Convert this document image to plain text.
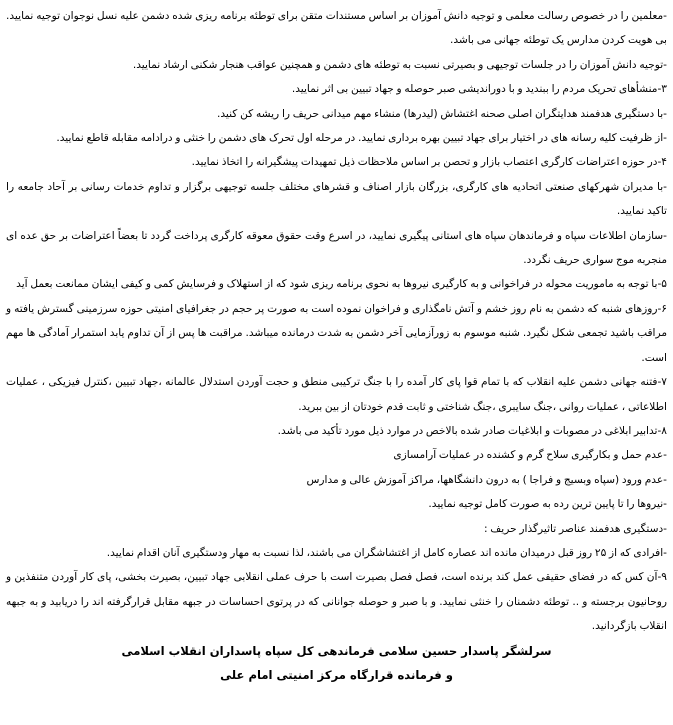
-معلمین را در خصوص رسالت معلمی و توجیه دانش آموزان بر اساس مستندات متقن برای توطئه برنامه ریزی شده دشمن علیه نسل نوجوان توجیه نمایید. بی هویت کردن مدارس یک توطئه جهانی می باشد.

-توجیه دانش آموزان را در جلسات توجیهی و بصیرتی نسبت به توطئه های دشمن و همچنین عواقب هنجار شکنی ارشاد نمایید.

۳-منشأهای تحریک مردم را ببندید و با دوراندیشی صبر حوصله و جهاد تبیین بی اثر نمایید.

-با دستگیری هدفمند هدایتگران اصلی صحنه اغتشاش (لیدرها) منشاء مهم میدانی حریف را ریشه کن کنید.

-از ظرفیت کلیه رسانه های در اختیار برای جهاد تبیین بهره برداری نمایید. در مرحله اول تحرک های دشمن را خنثی و درادامه مقابله قاطع نمایید.

۴-در حوزه اعتراضات کارگری اعتصاب بازار و تحصن بر اساس ملاحظات ذیل تمهیدات پیشگیرانه را اتخاذ نمایید.

-با مدیران شهرکهای صنعتی اتحادیه های کارگری، بزرگان بازار اصناف و قشرهای مختلف جلسه توجیهی برگزار و تداوم خدمات رسانی بر آحاد جامعه را تاکید نمایید.

-سازمان اطلاعات سپاه و فرماندهان سپاه های استانی پیگیری نمایید، در اسرع وقت حقوق معوقه کارگری پرداخت گردد تا بعضاً اعتراضات بر حق عده ای منجربه موج سواری حریف نگردد.

۵-با توجه به ماموریت محوله در فراخوانی و به کارگیری نیروها به نحوی برنامه ریزی شود که از استهلاک و فرسایش کمی و کیفی ایشان ممانعت بعمل آید

۶-روزهای شنبه که دشمن به نام روز خشم و آتش نامگذاری و فراخوان نموده است به صورت پر حجم در جغرافیای امنیتی حوزه سرزمینی گسترش یافته و مراقب باشید تجمعی شکل نگیرد. شنبه موسوم به زورآزمایی آخر دشمن به شدت درمانده میباشد. مراقبت ها پس از آن تداوم یابد استمرار آمادگی ها مهم است.

۷-فتنه جهانی دشمن علیه انقلاب که با تمام قوا پای کار آمده را با جنگ ترکیبی منطق و حجت آوردن استدلال عالمانه ،جهاد تبیین ،کنترل فیزیکی ، عملیات اطلاعاتی ، عملیات روانی ،جنگ سایبری ،جنگ شناختی و ثابت قدم خودتان از بین ببرید.

۸-تدابیر ابلاغی در مصوبات و ابلاغیات صادر شده بالاخص در موارد ذیل مورد تأکید می باشد.

-عدم حمل و بکارگیری سلاح گرم و کشنده در عملیات آرامسازی

-عدم ورود (سپاه وبسیج و فراجا ) به درون دانشگاهها، مراکز آموزش عالی و مدارس

-نیروها را تا پایین ترین رده به صورت کامل توجیه نمایید.

-دستگیری هدفمند عناصر تاثیرگذار حریف :

-افرادی که از ۲۵ روز قبل درمیدان مانده اند عصاره کامل از اغتشاشگران می باشند، لذا نسبت به مهار ودستگیری آنان اقدام نمایید.

۹-آن کس که در فضای حقیقی عمل کند برنده است، فصل فصل بصیرت است با حرف عملی انقلابی جهاد تبیین، بصیرت بخشی، پای کار آوردن متنفذین و روحانیون برجسته و .. توطئه دشمنان را خنثی نمایید. و با صبر و حوصله جوانانی که در پرتوی احساسات در جبهه مقابل قرارگرفته اند را دریابید و به جبهه انقلاب بازگردانید.

سرلشگر پاسدار حسین سلامی فرماندهی کل سپاه پاسداران انقلاب اسلامی

و فرمانده قرارگاه مرکز امنیتی امام علی
